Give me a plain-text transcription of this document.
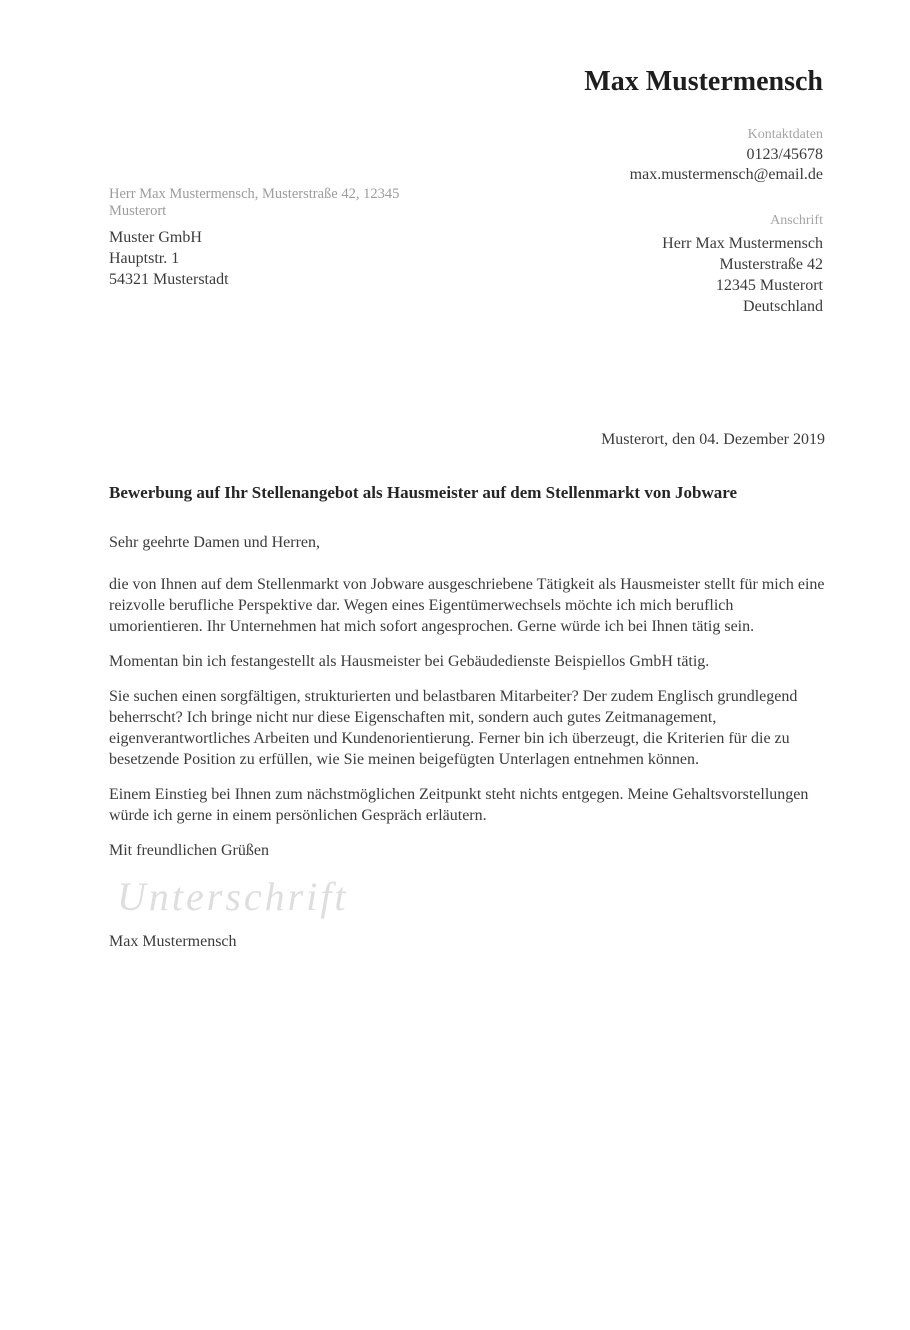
Max Mustermensch
Kontaktdaten
0123/45678
max.mustermensch@email.de
Herr Max Mustermensch, Musterstraße 42, 12345 Musterort
Anschrift
Muster GmbH
Hauptstr. 1
54321 Musterstadt
Herr Max Mustermensch
Musterstraße 42
12345 Musterort
Deutschland

Musterort, den 04. Dezember 2019

Bewerbung auf Ihr Stellenangebot als Hausmeister auf dem Stellenmarkt von Jobware

Sehr geehrte Damen und Herren,

die von Ihnen auf dem Stellenmarkt von Jobware ausgeschriebene Tätigkeit als Hausmeister stellt für mich eine reizvolle berufliche Perspektive dar. Wegen eines Eigentümerwechsels möchte ich mich beruflich umorientieren. Ihr Unternehmen hat mich sofort angesprochen. Gerne würde ich bei Ihnen tätig sein.

Momentan bin ich festangestellt als Hausmeister bei Gebäudedienste Beispiellos GmbH tätig.

Sie suchen einen sorgfältigen, strukturierten und belastbaren Mitarbeiter? Der zudem Englisch grundlegend beherrscht? Ich bringe nicht nur diese Eigenschaften mit, sondern auch gutes Zeitmanagement, eigenverantwortliches Arbeiten und Kundenorientierung. Ferner bin ich überzeugt, die Kriterien für die zu besetzende Position zu erfüllen, wie Sie meinen beigefügten Unterlagen entnehmen können.

Einem Einstieg bei Ihnen zum nächstmöglichen Zeitpunkt steht nichts entgegen. Meine Gehaltsvorstellungen würde ich gerne in einem persönlichen Gespräch erläutern.

Mit freundlichen Grüßen

Unterschrift

Max Mustermensch
